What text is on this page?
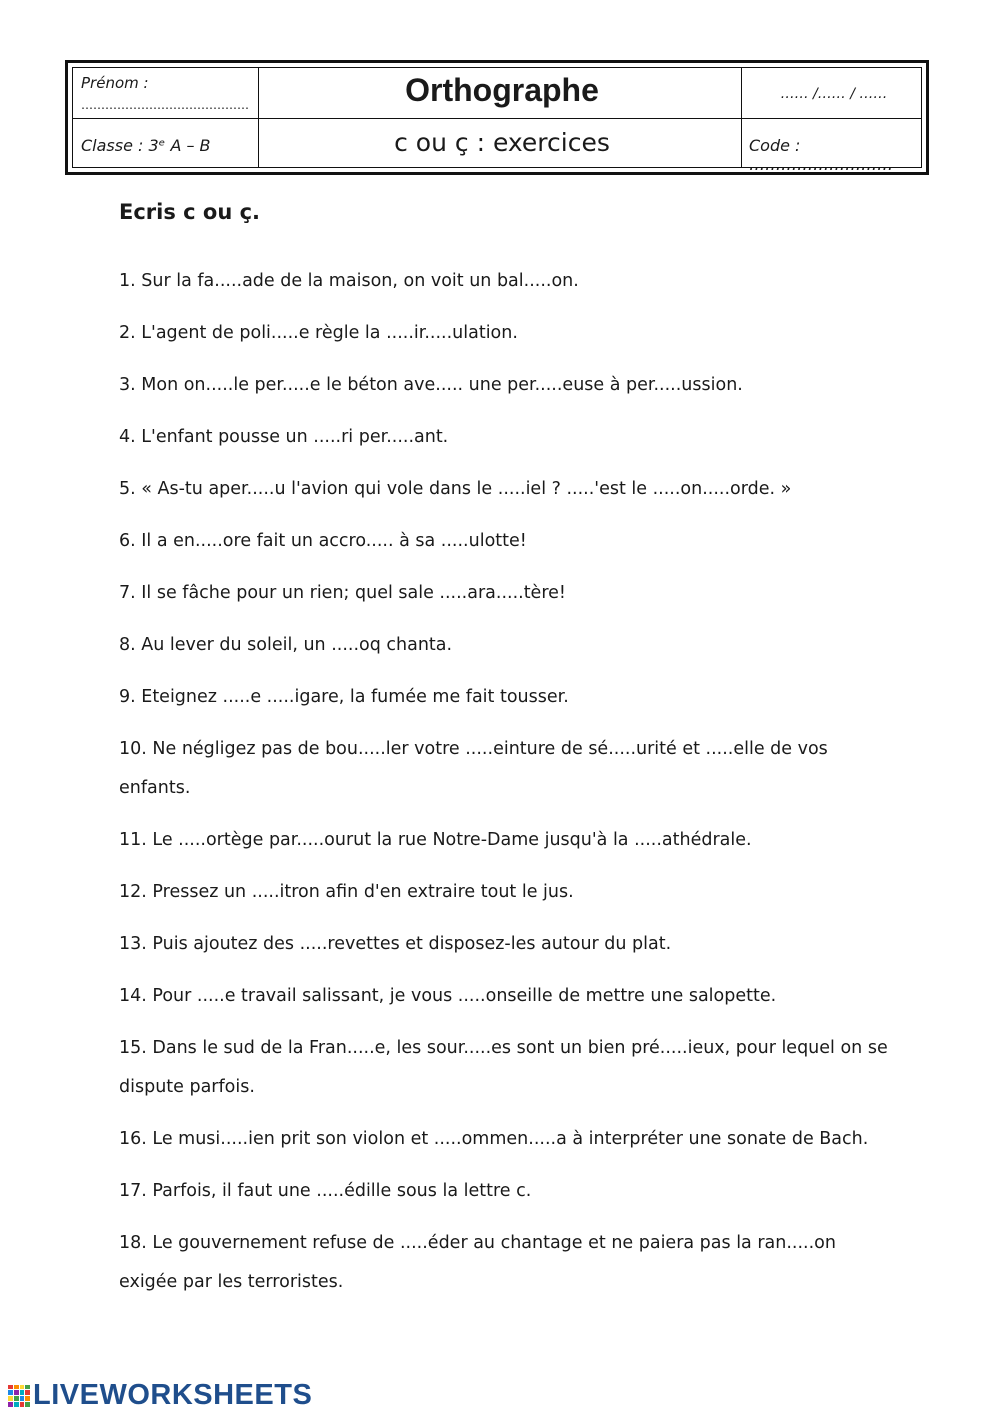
Prénom :
……………………………………	Orthographe	…… /…… / ……
Classe : 3ᵉ A – B	c ou ç : exercices	Code : ………………………
Ecris c ou ç.
1. Sur la fa.....ade de la maison, on voit un bal.....on.
2. L'agent de poli.....e règle la .....ir.....ulation.
3. Mon on.....le per.....e le béton ave..... une per.....euse à per.....ussion.
4. L'enfant pousse un .....ri per.....ant.
5. « As-tu aper.....u l'avion qui vole dans le .....iel ? .....'est le .....on.....orde. »
6. Il a en.....ore fait un accro..... à sa .....ulotte!
7. Il se fâche pour un rien; quel sale .....ara.....tère!
8. Au lever du soleil, un .....oq chanta.
9. Eteignez .....e .....igare, la fumée me fait tousser.
10. Ne négligez pas de bou.....ler votre .....einture de sé.....urité et .....elle de vos enfants.
11. Le .....ortège par.....ourut la rue Notre-Dame jusqu'à la .....athédrale.
12. Pressez un .....itron afin d'en extraire tout le jus.
13. Puis ajoutez des .....revettes et disposez-les autour du plat.
14. Pour .....e travail salissant, je vous .....onseille de mettre une salopette.
15. Dans le sud de la Fran.....e, les sour.....es sont un bien pré.....ieux, pour lequel on se dispute parfois.
16. Le musi.....ien prit son violon et .....ommen.....a à interpréter une sonate de Bach.
17. Parfois, il faut une .....édille sous la lettre c.
18. Le gouvernement refuse de .....éder au chantage et ne paiera pas la ran.....on exigée par les terroristes.
LIVEWORKSHEETS
